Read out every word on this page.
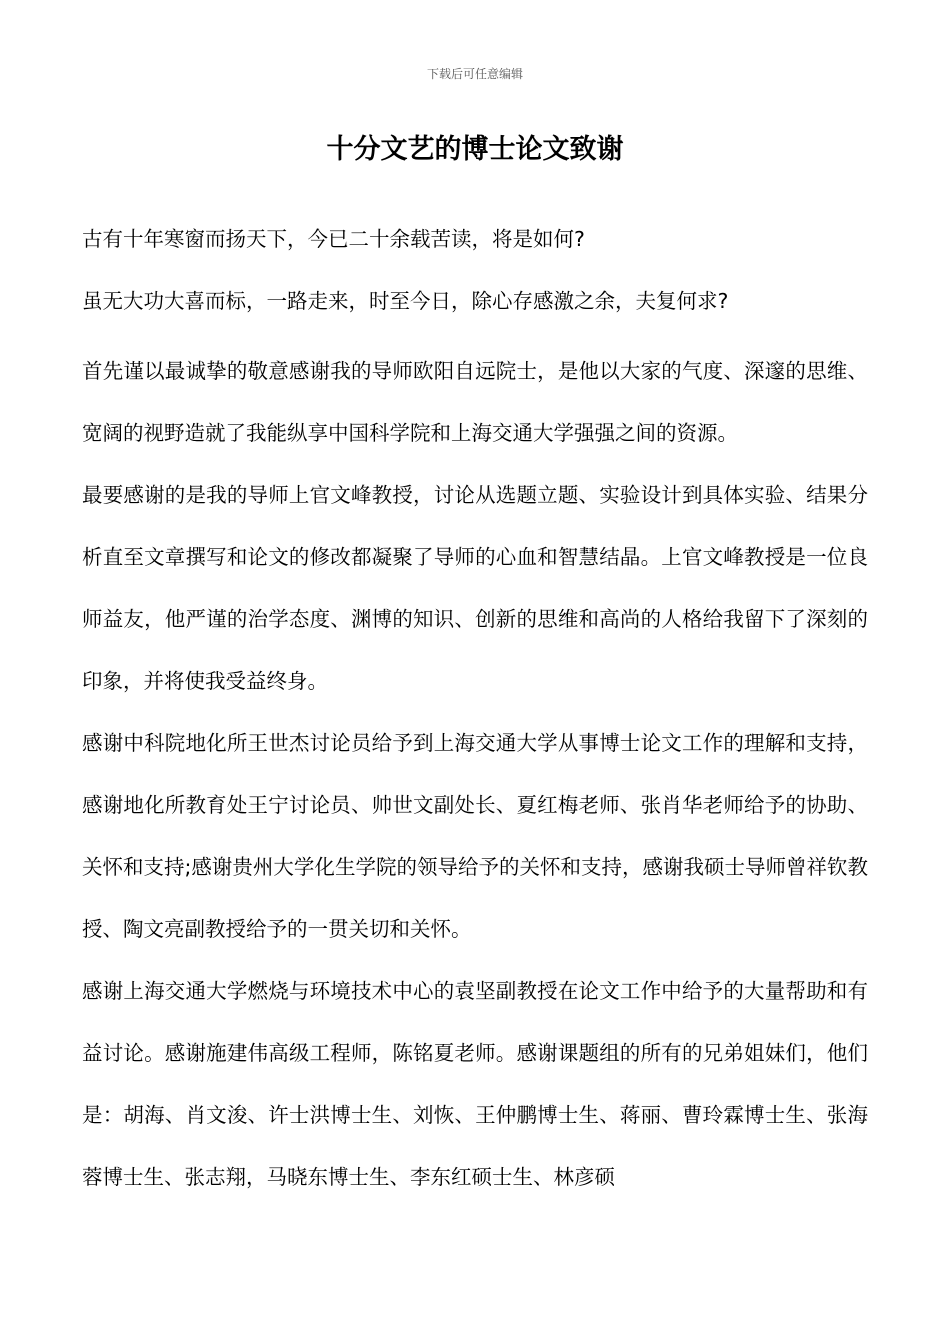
下载后可任意编辑
十分文艺的博士论文致谢

古有十年寒窗而扬天下，今已二十余载苦读，将是如何?

虽无大功大喜而标，一路走来，时至今日，除心存感激之余，夫复何求?

首先谨以最诚挚的敬意感谢我的导师欧阳自远院士，是他以大家的气度、深邃的思维、宽阔的视野造就了我能纵享中国科学院和上海交通大学强强之间的资源。

最要感谢的是我的导师上官文峰教授，讨论从选题立题、实验设计到具体实验、结果分析直至文章撰写和论文的修改都凝聚了导师的心血和智慧结晶。上官文峰教授是一位良师益友，他严谨的治学态度、渊博的知识、创新的思维和高尚的人格给我留下了深刻的印象，并将使我受益终身。

感谢中科院地化所王世杰讨论员给予到上海交通大学从事博士论文工作的理解和支持，感谢地化所教育处王宁讨论员、帅世文副处长、夏红梅老师、张肖华老师给予的协助、关怀和支持;感谢贵州大学化生学院的领导给予的关怀和支持，感谢我硕士导师曾祥钦教授、陶文亮副教授给予的一贯关切和关怀。

感谢上海交通大学燃烧与环境技术中心的袁坚副教授在论文工作中给予的大量帮助和有益讨论。感谢施建伟高级工程师，陈铭夏老师。感谢课题组的所有的兄弟姐妹们，他们是：胡海、肖文浚、许士洪博士生、刘恢、王仲鹏博士生、蒋丽、曹玲霖博士生、张海蓉博士生、张志翔，马晓东博士生、李东红硕士生、林彦硕
